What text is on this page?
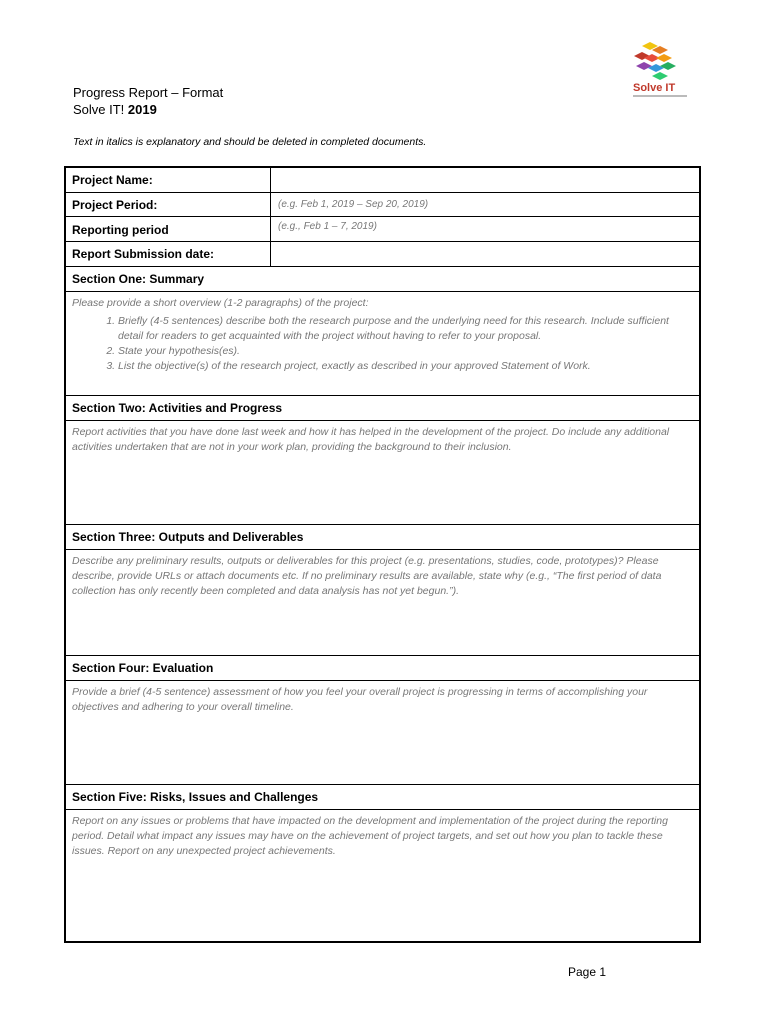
Progress Report – Format
Solve IT! 2019
Solve IT
Text in italics is explanatory and should be deleted in completed documents.
Project Name:
Project Period:	(e.g. Feb 1, 2019 – Sep 20, 2019)
Reporting period	(e.g., Feb 1 – 7, 2019)
Report Submission date:
Section One: Summary

Please provide a short overview (1-2 paragraphs) of the project:

1. Briefly (4-5 sentences) describe both the research purpose and the underlying need for this research. Include sufficient detail for readers to get acquainted with the project without having to refer to your proposal.
2. State your hypothesis(es).
3. List the objective(s) of the research project, exactly as described in your approved Statement of Work.
Section Two: Activities and Progress

Report activities that you have done last week and how it has helped in the development of the project. Do include any additional activities undertaken that are not in your work plan, providing the background to their inclusion.

Section Three: Outputs and Deliverables

Describe any preliminary results, outputs or deliverables for this project (e.g. presentations, studies, code, prototypes)? Please describe, provide URLs or attach documents etc. If no preliminary results are available, state why (e.g., “The first period of data collection has only recently been completed and data analysis has not yet begun.”).

Section Four: Evaluation

Provide a brief (4-5 sentence) assessment of how you feel your overall project is progressing in terms of accomplishing your objectives and adhering to your overall timeline.

Section Five: Risks, Issues and Challenges

Report on any issues or problems that have impacted on the development and implementation of the project during the reporting period. Detail what impact any issues may have on the achievement of project targets, and set out how you plan to tackle these issues. Report on any unexpected project achievements.

Page 1
